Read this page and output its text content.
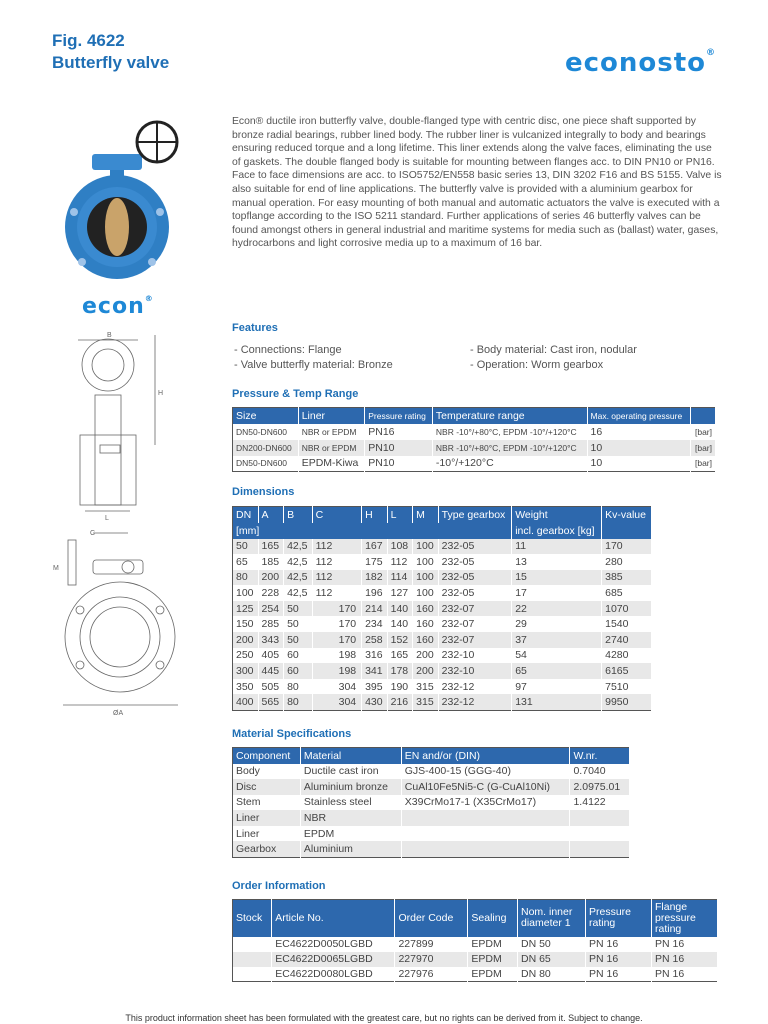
Fig. 4622
Butterfly valve	econosto®
econ®
B
H
L
C
M
ØA
Econ® ductile iron butterfly valve, double-flanged type with centric disc, one piece shaft supported by bronze radial bearings, rubber lined body. The rubber liner is vulcanized integrally to body and bearings ensuring reduced torque and a long lifetime. This liner extends along the valve faces, eliminating the use of gaskets. The double flanged body is suitable for mounting between flanges acc. to DIN PN10 or PN16. Face to face dimensions are acc. to ISO5752/EN558 basic series 13, DIN 3202 F16 and BS 5155. Valve is also suitable for end of line applications. The butterfly valve is provided with a aluminium gearbox for manual operation. For easy mounting of both manual and automatic actuators the valve is executed with a topflange according to the ISO 5211 standard. Further applications of series 46 butterfly valves can be found amongst others in general industrial and maritime systems for media such as (ballast) water, gases, hydrocarbons and light corrosive media up to a maximum of 16 bar.
Features
- Connections: Flange
- Valve butterfly material: Bronze
- Body material: Cast iron, nodular
- Operation: Worm gearbox
Pressure & Temp Range
Size	Liner	Pressure rating	Temperature range	Max. operating pressure	
DN50-DN600	NBR or EPDM	PN16	NBR -10°/+80°C, EPDM -10°/+120°C	16	[bar]
DN200-DN600	NBR or EPDM	PN10	NBR -10°/+80°C, EPDM -10°/+120°C	10	[bar]
DN50-DN600	EPDM-Kiwa	PN10	-10°/+120°C	10	[bar]
Dimensions
DN	A	B	C	H	L	M	Type gearbox	Weight	Kv-value
[mm]								incl. gearbox [kg]	
50	165	42,5	112	167	108	100	232-05	11	170
65	185	42,5	112	175	112	100	232-05	13	280
80	200	42,5	112	182	114	100	232-05	15	385
100	228	42,5	112	196	127	100	232-05	17	685
125	254	50	170	214	140	160	232-07	22	1070
150	285	50	170	234	140	160	232-07	29	1540
200	343	50	170	258	152	160	232-07	37	2740
250	405	60	198	316	165	200	232-10	54	4280
300	445	60	198	341	178	200	232-10	65	6165
350	505	80	304	395	190	315	232-12	97	7510
400	565	80	304	430	216	315	232-12	131	9950
Material Specifications
Component	Material	EN and/or (DIN)	W.nr.
Body	Ductile cast iron	GJS-400-15 (GGG-40)	0.7040
Disc	Aluminium bronze	CuAl10Fe5Ni5-C (G-CuAl10Ni)	2.0975.01
Stem	Stainless steel	X39CrMo17-1 (X35CrMo17)	1.4122
Liner	NBR		
Liner	EPDM		
Gearbox	Aluminium		
Order Information
Stock	Article No.	Order Code	Sealing	Nom. inner diameter 1	Pressure rating	Flange pressure rating
	EC4622D0050LGBD	227899	EPDM	DN 50	PN 16	PN 16
	EC4622D0065LGBD	227970	EPDM	DN 65	PN 16	PN 16
	EC4622D0080LGBD	227976	EPDM	DN 80	PN 16	PN 16
This product information sheet has been formulated with the greatest care, but no rights can be derived from it. Subject to change.
